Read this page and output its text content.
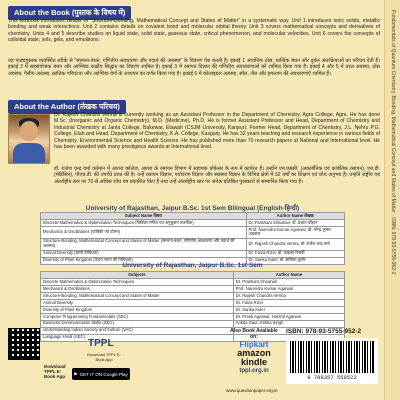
About the Book (पुस्तक के विषय में)
This textbook introduces details of "Structure-Bonding, Mathematical Concept and States of Matter" in a systematic way. Unit 1 introduces ionic solids, metallic bonding and weak interactions. Unit 2 contains details on covalent bond and molecular orbital theory. Unit 3 covers mathematical concepts and derivatives of chemistry. Units 4 and 5 describe studies on liquid state, solid state, gaseous state, critical phenomenon, and molecular velocities. Unit 6 covers the concepts of colloidal state, sols, gels, and emulsions.
यह पाठ्यपुस्तक व्यवस्थित तरीके से "संरचना-बंधन, गणितीय अवधारणा और पदार्थ की अवस्था" के विवरण पेश करती है। इकाई 1 आयनिक ठोस, धात्विक बंधन और दुर्बल अंतःक्रियाओं का परिचय देती है। इकाई 2 में सहसंयोजक बंधन और आण्विक कक्षीय सिद्धांत का विवरण शामिल है। इकाई 3 में रसायन विज्ञान की गणितीय अवधारणाओं को शामिल किया गया है। इकाई 4 और 5 में तरल अवस्था, ठोस अवस्था, गैसीय अवस्था, क्रांतिक परिघटना और आण्विक वेगों के अध्ययन का वर्णन किया गया है। इकाई 6 में कोलाइडल अवस्था, सॉल, जैल और इमल्शन की अवधारणाएँ शामिल हैं।
About the Author (लेखक परिचय)
Dr. Rajesh Chandra Verma is currently working as an Assistant Professor in the Department of Chemistry, Agra College, Agra. He has done M.Sc. (Inorganic and Organic Chemistry), M.D. (Medicine), Ph.D. He is former Assistant Professor and Head, Department of Chemistry and Industrial Chemistry at Janta College, Bakewar, Etawah (CSJM University, Kanpur). Former Head, Department of Chemistry, J.L. Nehru P.G. College, Etah and Head, Department of Chemistry, K.A. College, Kasganj. He has 32 years teaching and research experience in various fields of Chemistry, Environmental Science and Health Science. He has published more than 70 research papers at National and International level. He has been awarded with many prestigious awards at International level.
डॉ. राजेश चन्द्र वर्मा वर्तमान में आगरा कॉलेज, आगरा के रसायन विभाग में सहायक प्रोफेसर के रूप में कार्यरत हैं। उन्होंने एम.एससी. (अकार्बनिक एवं कार्बनिक रसायन), एम.डी. (मेडिसिन), पीएच.डी. की उपाधि प्राप्त की है। उन्हें रसायन विज्ञान, पर्यावरण विज्ञान और स्वास्थ्य विज्ञान के विभिन्न क्षेत्रों में 32 वर्षों का शिक्षण एवं शोध अनुभव है। उन्होंने राष्ट्रीय एवं अंतर्राष्ट्रीय स्तर पर 70 से अधिक शोध पत्र प्रकाशित किए हैं तथा उन्हें अंतर्राष्ट्रीय स्तर पर अनेक प्रतिष्ठित पुरस्कारों से सम्मानित किया गया है।
University of Rajasthan, Jaipur B.Sc. 1st Sem Bilingual (English-हिन्दी)
Subject Name विषय	Author Name लेखक
Discrete Mathematics & Optimization Techniques (विविक्त गणित एवं अनुकूलन तकनीक)	Dr. Prashant Chauhan, डॉ. प्रशांत चौहान
Mechanics & Oscillations (यांत्रिकी एवं दोलन)	Prof. Narendra Kumar Agarwal, प्रो. नरेन्द्र कुमार अग्रवाल
Structure-Bonding, Mathematical Concept and States of Matter (संरचना-बंधन, गणितीय अवधारणा और पदार्थ की अवस्था)	Dr. Rajesh Chandra Verma, डॉ. राजेश चन्द्र वर्मा
Animal Diversity (प्राणी विविधता)	Dr. Faiza Rizvi, डॉ. फ़ाइज़ा रिज़वी
Diversity of Plant Kingdom (पादप जगत की विविधता)	Dr. Sarika Kuler, डॉ. सारिका कुलेर
University of Rajasthan, Jaipur B.Sc. 1st Sem
Subjects	Author Name
Discrete Mathematics & Optimization Techniques	Dr. Prashant Chauhan
Mechanics & Oscillations	Prof. Narendra Kumar Agarwal
Structure-Bonding, Mathematical Concept and States of Matter	Dr. Rajesh Chandra Verma
Animal Diversity	Dr. Faiza Rizvi
Diversity of Plant Kingdom	Dr. Sarika Kuler
Computer Programming Fundamentals (SEC)	Dr. Preeti Agarwal, Harshit Agarwal
Business Communication Skills (SEC)	Ankita Gaur, Kritika Singh
Understanding Indian Society and Culture (VAC)	
Language Hindi (AEC)	
Download TPPL E-Book App
TPPL
Download TPPL E-Book App
▶ GET IT ON Google Play
Also Book Available on:
Flipkart
amazon
kindle
tppl.org.in
www.questionpaper.org.in
ISBN: 978-93-5755-952-2
9 789357 559522
Fundamentals of Quantum Chemistry, Bonding, Mathematical Concept and States of Matter · ISBN: 978-93-5755-952-2
